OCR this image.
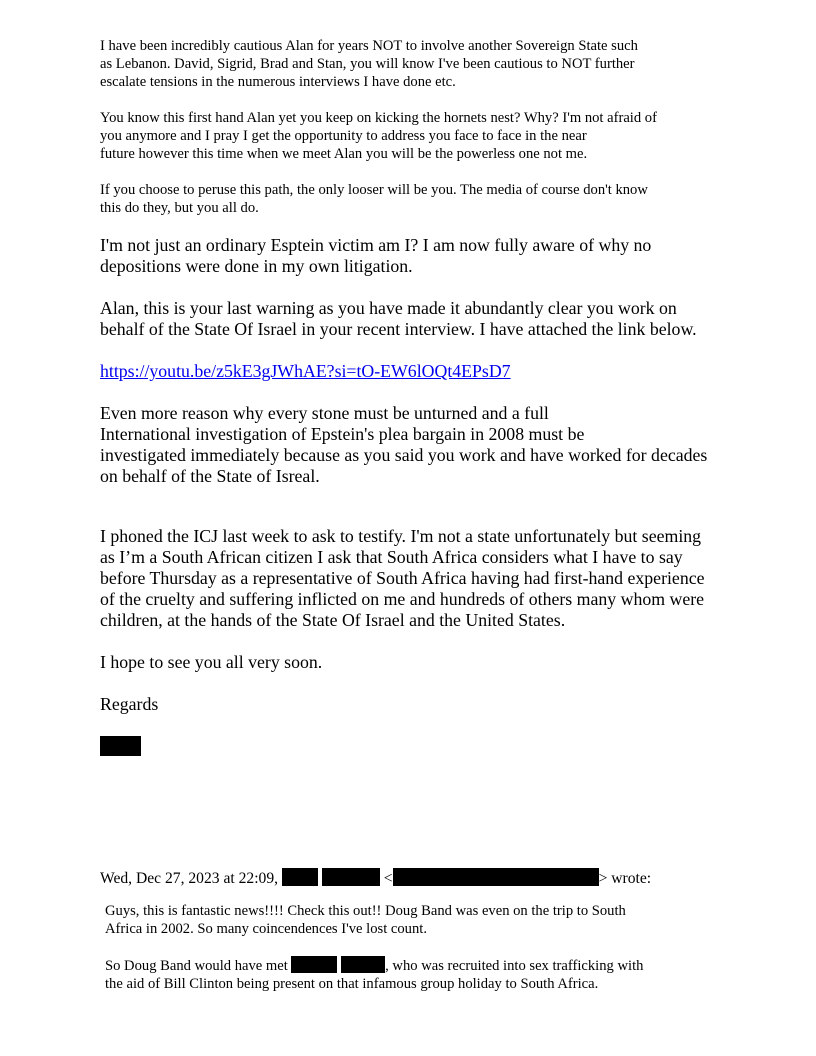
I have been incredibly cautious Alan for years NOT to involve another Sovereign State such
as Lebanon. David, Sigrid, Brad and Stan, you will know I've been cautious to NOT further
escalate tensions in the numerous interviews I have done etc.

You know this first hand Alan yet you keep on kicking the hornets nest? Why? I'm not afraid of
you anymore and I pray I get the opportunity to address you face to face in the near
future however this time when we meet Alan you will be the powerless one not me.

If you choose to peruse this path, the only looser will be you. The media of course don't know
this do they, but you all do.

I'm not just an ordinary Esptein victim am I? I am now fully aware of why no
depositions were done in my own litigation.

Alan, this is your last warning as you have made it abundantly clear you work on
behalf of the State Of Israel in your recent interview. I have attached the link below.

https://youtu.be/z5kE3gJWhAE?si=tO-EW6lOQt4EPsD7

Even more reason why every stone must be unturned and a full
International investigation of Epstein's plea bargain in 2008 must be
investigated immediately because as you said you work and have worked for decades
on behalf of the State of Isreal.

I phoned the ICJ last week to ask to testify. I'm not a state unfortunately but seeming
as I’m a South African citizen I ask that South Africa considers what I have to say
before Thursday as a representative of South Africa having had first-hand experience
of the cruelty and suffering inflicted on me and hundreds of others many whom were
children, at the hands of the State Of Israel and the United States.

I hope to see you all very soon.

Regards

Wed, Dec 27, 2023 at 22:09,	<	> wrote:

Guys, this is fantastic news!!!! Check this out!! Doug Band was even on the trip to South
Africa in 2002. So many coincendences I've lost count.

So Doug Band would have met	, who was recruited into sex trafficking with
the aid of Bill Clinton being present on that infamous group holiday to South Africa.
